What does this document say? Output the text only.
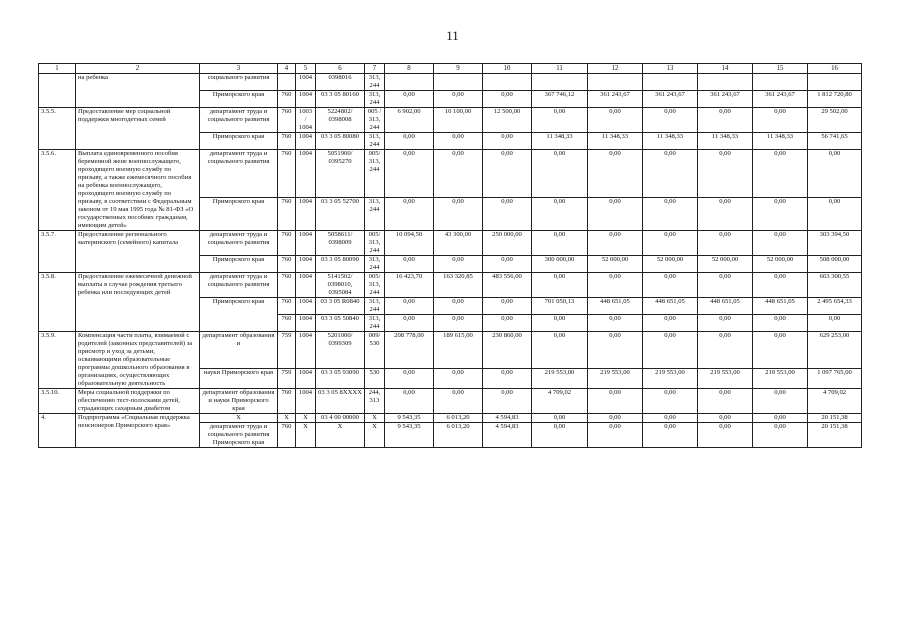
11
1	2	3	4	5	6	7	8	9	10	11	12	13	14	15	16
	на ребенка	социального развития		1004	0398016	313, 244									
		Приморского края	760	1004	03 3 05 80160	313, 244	0,00	0,00	0,00	367 746,12	361 243,67	361 243,67	361 243,67	361 243,67	1 812 720,80
3.5.5.	Предоставление мер социальной поддержки многодетных семей	департамент труда и социального развития	760	1003/ 1004	5224802/ 0398008	005 / 313, 244	6 902,00	10 100,00	12 500,00	0,00	0,00	0,00	0,00	0,00	29 502,00
		Приморского края	760	1004	03 3 05 80080	313, 244	0,00	0,00	0,00	11 348,33	11 348,33	11 348,33	11 348,33	11 348,33	56 741,65
3.5.6.	Выплата единовременного пособия беременной жене военнослужащего, проходящего военную службу по призыву, а также ежемесячного пособия на ребенка военнослужащего, проходящего военную службу по призыву, в соответствии с Федеральным законом от 19 мая 1995 года № 81-ФЗ «О государственных пособиях гражданам, имеющим детей»	департамент труда и социального развития	760	1004	5051900/ 0395270	005/ 313, 244	0,00	0,00	0,00	0,00	0,00	0,00	0,00	0,00	0,00
		Приморского края	760	1004	03 3 05 52700	313, 244	0,00	0,00	0,00	0,00	0,00	0,00	0,00	0,00	0,00
3.5.7.	Предоставление регионального материнского (семейного) капитала	департамент труда и социального развития	760	1004	5058611/ 0398009	005/ 313, 244	10 094,50	43 300,00	250 000,00	0,00	0,00	0,00	0,00	0,00	303 394,50
		Приморского края	760	1004	03 3 05 80090	313, 244	0,00	0,00	0,00	300 000,00	52 000,00	52 000,00	52 000,00	52 000,00	508 000,00
3.5.8.	Предоставление ежемесячной денежной выплаты в случае рождения третьего ребенка или последующих детей	департамент труда и социального развития	760	1004	5141502/ 0398010, 0395084	005/ 313, 244	16 423,70	163 320,85	483 556,00	0,00	0,00	0,00	0,00	0,00	663 300,55
		Приморского края	760	1004	03 3 05 R0840	313, 244	0,00	0,00	0,00	701 050,13	448 651,05	448 651,05	448 651,05	448 651,05	2 495 654,33
			760	1004	03 3 05 50840	313, 244	0,00	0,00	0,00	0,00	0,00	0,00	0,00	0,00	0,00
3.5.9.	Компенсация части платы, взимаемой с родителей (законных представителей) за присмотр и уход за детьми, осваивающими образовательные программы дошкольного образования в организациях, осуществляющих образовательную деятельность	департамент образования и	759	1004	5201000/ 0399309	009/ 530	208 778,00	189 615,00	230 860,00	0,00	0,00	0,00	0,00	0,00	629 253,00
		науки Приморского края	759	1004	03 3 05 93090	530	0,00	0,00	0,00	219 553,00	219 553,00	219 553,00	219 553,00	219 553,00	1 097 765,00
3.5.10.	Меры социальной поддержки по обеспечению тест-полосками детей, страдающих сахарным диабетом	департамент образования и науки Приморского края	760	1004	03 3 05 8XXXX	244, 313	0,00	0,00	0,00	4 709,02	0,00	0,00	0,00	0,00	4 709,02
4.	Подпрограмма «Социальная поддержка пенсионеров Приморского края»	X	X	X	03 4 00 00000	X	9 543,35	6 013,20	4 594,83	0,00	0,00	0,00	0,00	0,00	20 151,38
		департамент труда и социального развития Приморского края	760	X	X	X	9 543,35	6 013,20	4 594,83	0,00	0,00	0,00	0,00	0,00	20 151,38
